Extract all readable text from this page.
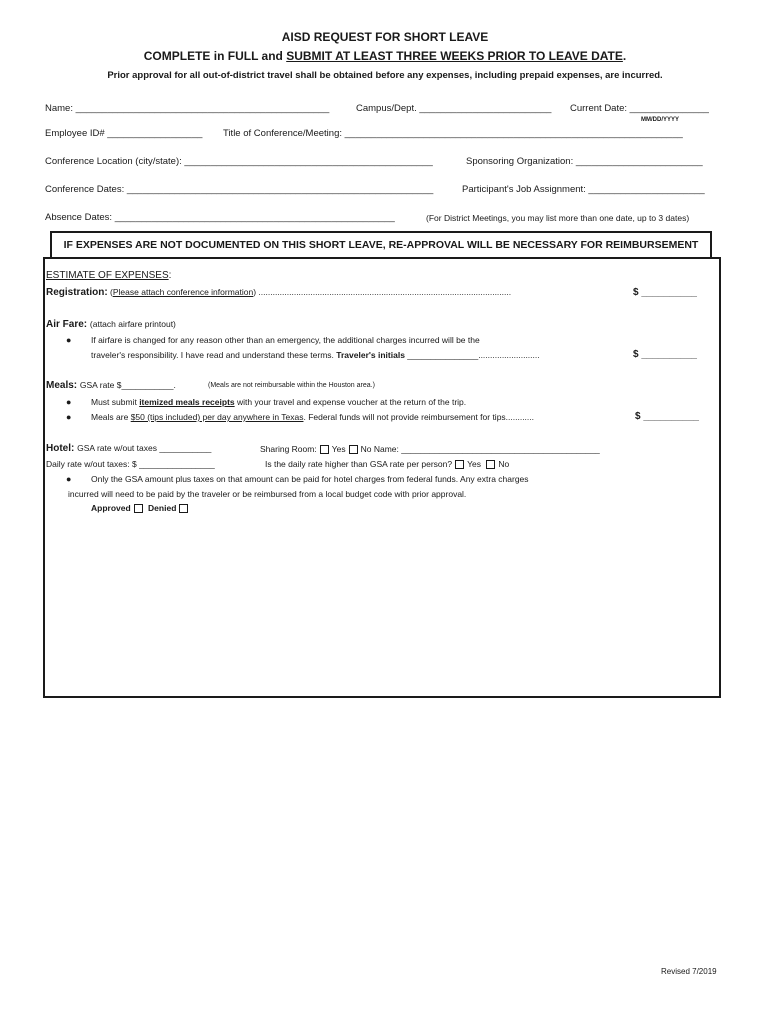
AISD REQUEST FOR SHORT LEAVE
COMPLETE in FULL and SUBMIT AT LEAST THREE WEEKS PRIOR TO LEAVE DATE.
Prior approval for all out-of-district travel shall be obtained before any expenses, including prepaid expenses, are incurred.
Name: ________________________________________________	Campus/Dept. _________________________ Current Date: _______________
MM/DD/YYYY
Employee ID# __________________ Title of Conference/Meeting: ________________________________________________________________
Conference Location (city/state): _______________________________________________	Sponsoring Organization: ________________________
Conference Dates: __________________________________________________________	Participant's Job Assignment: ______________________
Absence Dates: _____________________________________________________	(For District Meetings, you may list more than one date, up to 3 dates)
IF EXPENSES ARE NOT DOCUMENTED ON THIS SHORT LEAVE, RE-APPROVAL WILL BE NECESSARY FOR REIMBURSEMENT
ESTIMATE OF EXPENSES:
Registration: (Please attach conference information) ...........................................................................................................	$ __________
Air Fare: (attach airfare printout)
● If airfare is changed for any reason other than an emergency, the additional charges incurred will be the
traveler's responsibility. I have read and understand these terms. Traveler's initials _______________..........................	$ __________
Meals: GSA rate $___________.	(Meals are not reimbursable within the Houston area.)
● Must submit itemized meals receipts with your travel and expense voucher at the return of the trip.
● Meals are $50 (tips included) per day anywhere in Texas. Federal funds will not provide reimbursement for tips............	$ __________
Hotel: GSA rate w/out taxes ___________	Sharing Room: Yes No Name: __________________________________________
Daily rate w/out taxes: $ ________________	Is the daily rate higher than GSA rate per person? Yes No
● Only the GSA amount plus taxes on that amount can be paid for hotel charges from federal funds. Any extra charges
incurred will need to be paid by the traveler or be reimbursed from a local budget code with prior approval.
Approved Denied
Revised 7/2019
